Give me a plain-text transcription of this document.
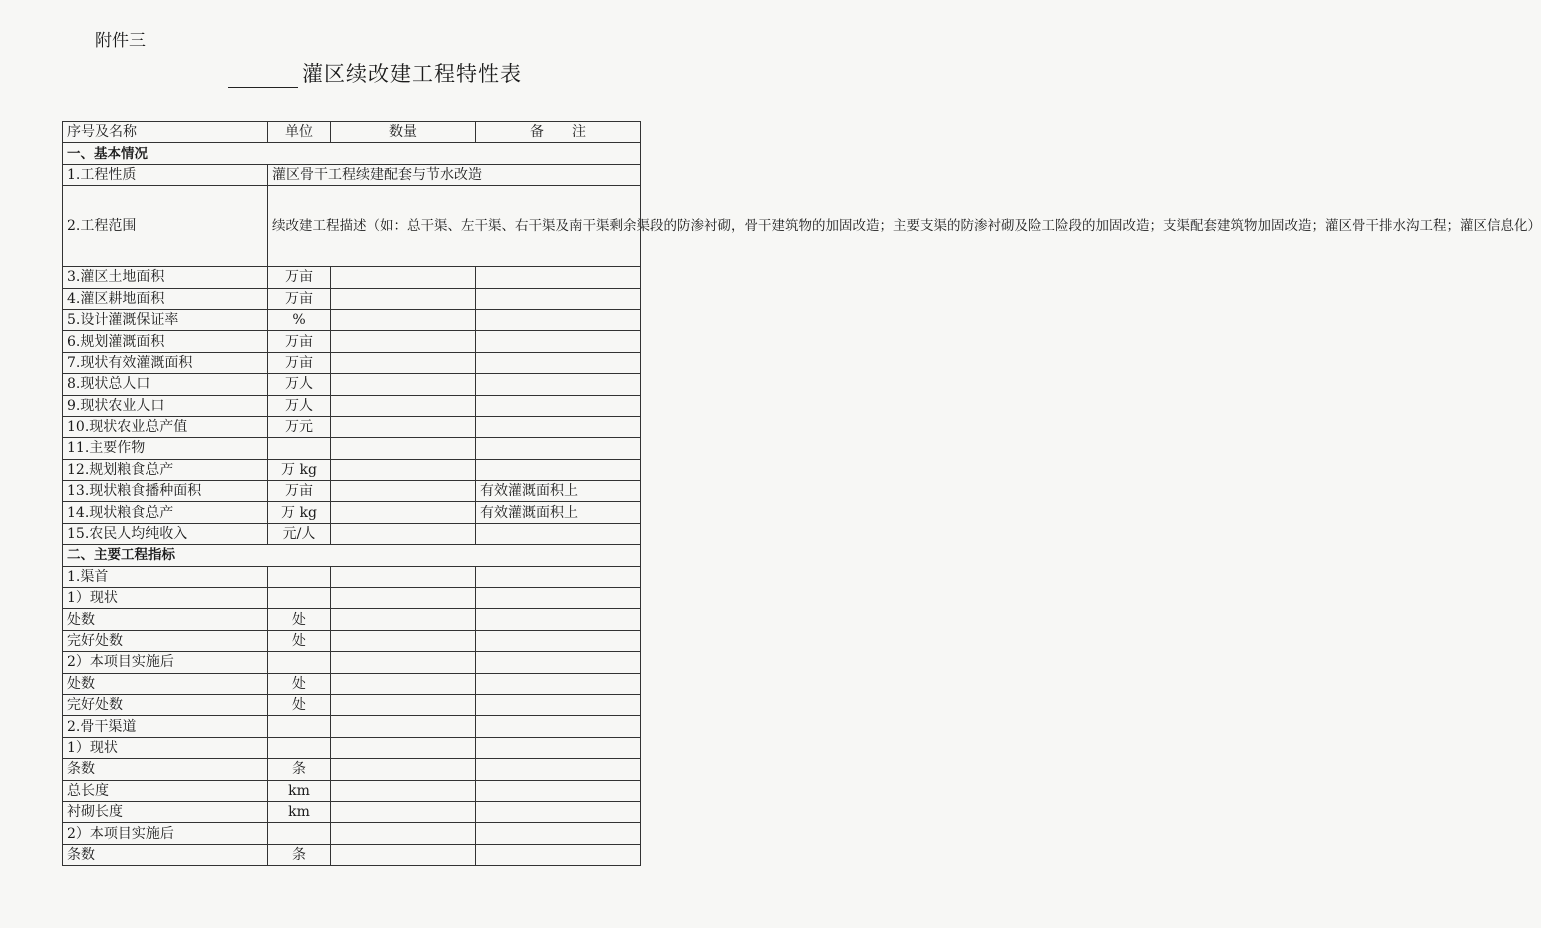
附件三
灌区续改建工程特性表
序号及名称	单位	数量	备　　注
一、基本情况			
1.工程性质	灌区骨干工程续建配套与节水改造		
2.工程范围	续改建工程描述（如：总干渠、左干渠、右干渠及南干渠剩余渠段的防渗衬砌，骨干建筑物的加固改造；主要支渠的防渗衬砌及险工险段的加固改造；支渠配套建筑物加固改造；灌区骨干排水沟工程；灌区信息化）		
3.灌区土地面积	万亩		
4.灌区耕地面积	万亩		
5.设计灌溉保证率	%		
6.规划灌溉面积	万亩		
7.现状有效灌溉面积	万亩		
8.现状总人口	万人		
9.现状农业人口	万人		
10.现状农业总产值	万元		
11.主要作物			
12.规划粮食总产	万 kg		
13.现状粮食播种面积	万亩		有效灌溉面积上
14.现状粮食总产	万 kg		有效灌溉面积上
15.农民人均纯收入	元/人		
二、主要工程指标			
1.渠首			
1）现状			
处数	处		
完好处数	处		
2）本项目实施后			
处数	处		
完好处数	处		
2.骨干渠道			
1）现状			
条数	条		
总长度	km		
衬砌长度	km		
2）本项目实施后			
条数	条		
